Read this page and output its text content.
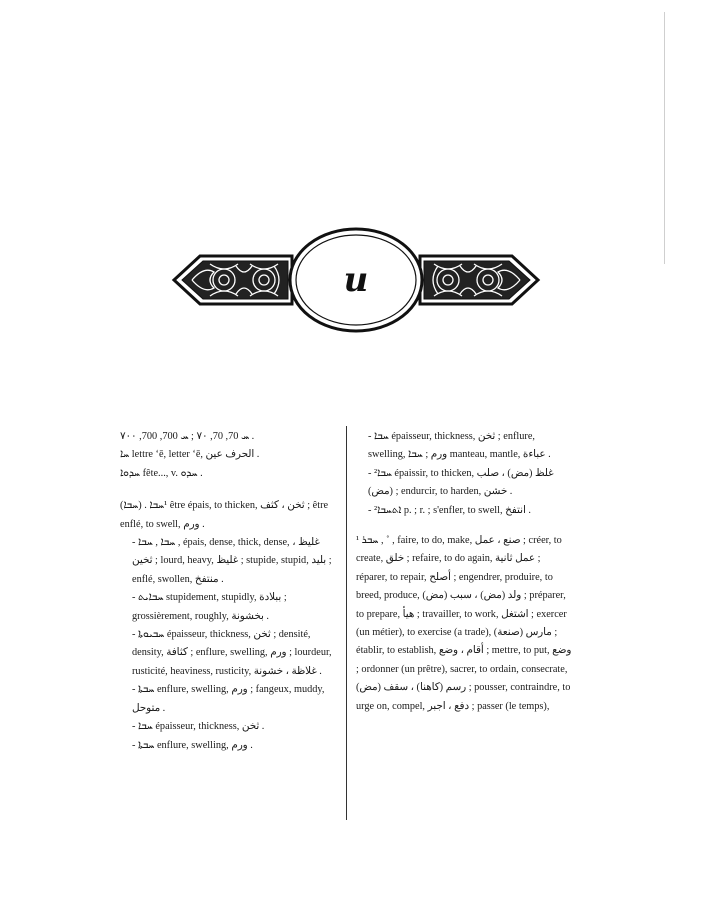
u

ܚ 70, 70, ٧٠ ; ܚ 700, 700, ٧٠٠ .

ܚܐ lettre ‘ē, letter ‘ē, الحرف عين .

ܚܕܘܐ fête..., v. ܚܕܘ .

(ܚܒܐ) . ¹ܚܒܐ être épais, to thicken, ثخن ، كثف ; être enflé, to swell, ورم .

- ܚܒܐ , ܚܒܐ , épais, dense, thick, dense, غليظ ، ثخين ; lourd, heavy, غليظ ; stupide, stupid, بليد ; enflé, swollen, منتفخ .

- ܚܒܐܝܬ stupidement, stupidly, ببلادة ; grossièrement, roughly, بخشونة .

- ܚܒܝܘܬܐ épaisseur, thickness, ثخن ; densité, density, كثافة ; enflure, swelling, ورم ; lourdeur, rusticité, heaviness, rusticity, غلاظة ، خشونة .

- ܚܒܬܐ enflure, swelling, ورم ; fangeux, muddy, متوحل .

- ܚܒܐ épaisseur, thickness, ثخن .

- ܚܒܬܐ enflure, swelling, ورم .

- ܚܒܐ épaisseur, thickness, ثخن ; enflure, swelling, ورم ; ܚܒܐ manteau, mantle, عباءة .

- ²ܚܒܐ épaissir, to thicken, غلظ (مض) ، صلب (مض) ; endurcir, to harden, خشن .

- ²ܐܬܚܒܐ p. ; r. ; s'enfler, to swell, انتفخ .

¹ ܚܒܪ , ˚ , faire, to do, make, صنع ، عمل ; créer, to create, خلق ; refaire, to do again, عمل ثانية ; réparer, to repair, أصلح ; engendrer, produire, to breed, produce, ولد (مض) ، سبب (مض) ; préparer, to prepare, هيأ ; travailler, to work, اشتغل ; exercer (un métier), to exercise (a trade), مارس (صنعة) ; établir, to establish, أقام ، وضع ; mettre, to put, وضع ; ordonner (un prêtre), sacrer, to ordain, consecrate, رسم (كاهنا) ، سقف (مض) ; pousser, contraindre, to urge on, compel, دفع ، اجبر ; passer (le temps),
